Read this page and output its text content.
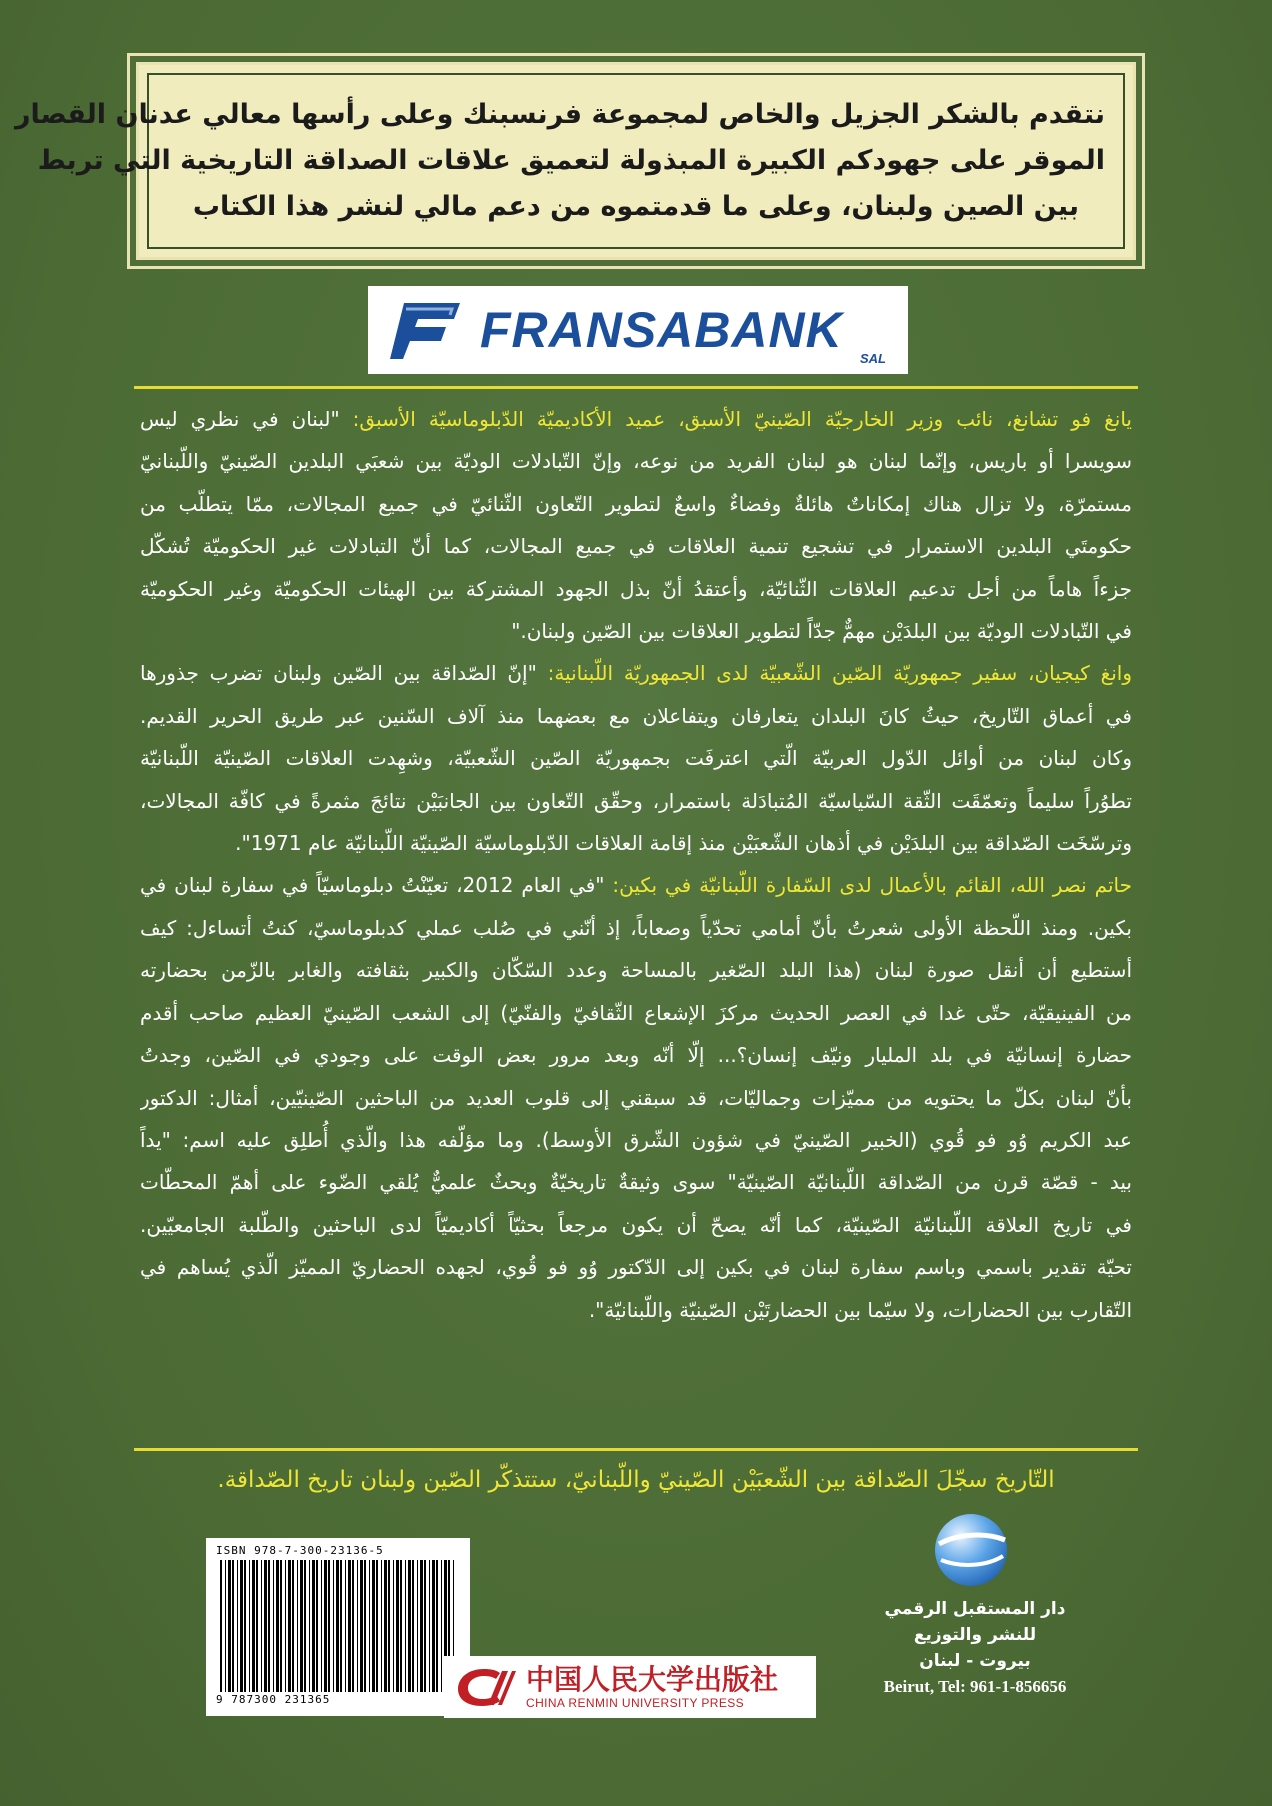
نتقدم بالشكر الجزيل والخاص لمجموعة فرنسبنك وعلى رأسها معالي عدنان القصار
الموقر على جهودكم الكبيرة المبذولة لتعميق علاقات الصداقة التاريخية التي تربط
بين الصين ولبنان، وعلى ما قدمتموه من دعم مالي لنشر هذا الكتاب
FRANSABANK
SAL
يانغ فو تشانغ، نائب وزير الخارجيّة الصّينيّ الأسبق، عميد الأكاديميّة الدّبلوماسيّة الأسبق: "لبنان في نظري ليس
سويسرا أو باريس، وإنّما لبنان هو لبنان الفريد من نوعه، وإنّ التّبادلات الوديّة بين شعبَي البلدين الصّينيّ واللّبنانيّ
مستمرّة، ولا تزال هناك إمكاناتٌ هائلةٌ وفضاءٌ واسعٌ لتطوير التّعاون الثّنائيّ في جميع المجالات، ممّا يتطلّب من
حكومتَي البلدين الاستمرار في تشجيع تنمية العلاقات في جميع المجالات، كما أنّ التبادلات غير الحكوميّة تُشكّل
جزءاً هاماً من أجل تدعيم العلاقات الثّنائيّة، وأعتقدُ أنّ بذل الجهود المشتركة بين الهيئات الحكوميّة وغير الحكوميّة
في التّبادلات الوديّة بين البلدَيْن مهمٌّ جدّاً لتطوير العلاقات بين الصّين ولبنان."
وانغ كيجيان، سفير جمهوريّة الصّين الشّعبيّة لدى الجمهوريّة اللّبنانية: "إنّ الصّداقة بين الصّين ولبنان تضرب جذورها
في أعماق التّاريخ، حيثُ كانَ البلدان يتعارفان ويتفاعلان مع بعضهما منذ آلاف السّنين عبر طريق الحرير القديم.
وكان لبنان من أوائل الدّول العربيّة الّتي اعترفَت بجمهوريّة الصّين الشّعبيّة، وشهِدت العلاقات الصّينيّة اللّبنانيّة
تطوُراً سليماً وتعمّقَت الثّقة السّياسيّة المُتبادَلة باستمرار، وحقّق التّعاون بين الجانبَيْن نتائجَ مثمرةً في كافّة المجالات،
وترسّخَت الصّداقة بين البلدَيْن في أذهان الشّعبَيْن منذ إقامة العلاقات الدّبلوماسيّة الصّينيّة اللّبنانيّة عام 1971".
حاتم نصر الله، القائم بالأعمال لدى السّفارة اللّبنانيّة في بكين: "في العام 2012، تعيّنْتُ دبلوماسيّاً في سفارة لبنان في
بكين. ومنذ اللّحظة الأولى شعرتُ بأنّ أمامي تحدّياً وصعاباً، إذ أنّني في صُلب عملي كدبلوماسيّ، كنتُ أتساءل: كيف
أستطيع أن أنقل صورة لبنان (هذا البلد الصّغير بالمساحة وعدد السّكّان والكبير بثقافته والغابر بالزّمن بحضارته
من الفينيقيّة، حتّى غدا في العصر الحديث مركزَ الإشعاع الثّقافيّ والفنّيّ) إلى الشعب الصّينيّ العظيم صاحب أقدم
حضارة إنسانيّة في بلد المليار ونيّف إنسان؟... إلّا أنّه وبعد مرور بعض الوقت على وجودي في الصّين، وجدتُ
بأنّ لبنان بكلّ ما يحتويه من مميّزات وجماليّات، قد سبقني إلى قلوب العديد من الباحثين الصّينيّين، أمثال: الدكتور
عبد الكريم وُو فو قُوي (الخبير الصّينيّ في شؤون الشّرق الأوسط). وما مؤلّفه هذا والّذي أُطلِق عليه اسم: "يداً
بيد - قصّة قرن من الصّداقة اللّبنانيّة الصّينيّة" سوى وثيقةٌ تاريخيّةٌ وبحثٌ علميٌّ يُلقي الضّوء على أهمّ المحطّات
في تاريخ العلاقة اللّبنانيّة الصّينيّة، كما أنّه يصحّ أن يكون مرجعاً بحثيّاً أكاديميّاً لدى الباحثين والطّلبة الجامعيّين.
تحيّة تقدير باسمي وباسم سفارة لبنان في بكين إلى الدّكتور وُو فو قُوي، لجهده الحضاريّ المميّز الّذي يُساهم في
التّقارب بين الحضارات، ولا سيّما بين الحضارتَيْن الصّينيّة واللّبنانيّة".
التّاريخ سجّلَ الصّداقة بين الشّعبَيْن الصّينيّ واللّبنانيّ، ستتذكّر الصّين ولبنان تاريخ الصّداقة.
ISBN 978-7-300-23136-5
9 787300 231365
中国人民大学出版社
CHINA RENMIN UNIVERSITY PRESS
دار المستقبل الرقمي
للنشر والتوزيع
بيروت - لبنان
Beirut, Tel: 961-1-856656
